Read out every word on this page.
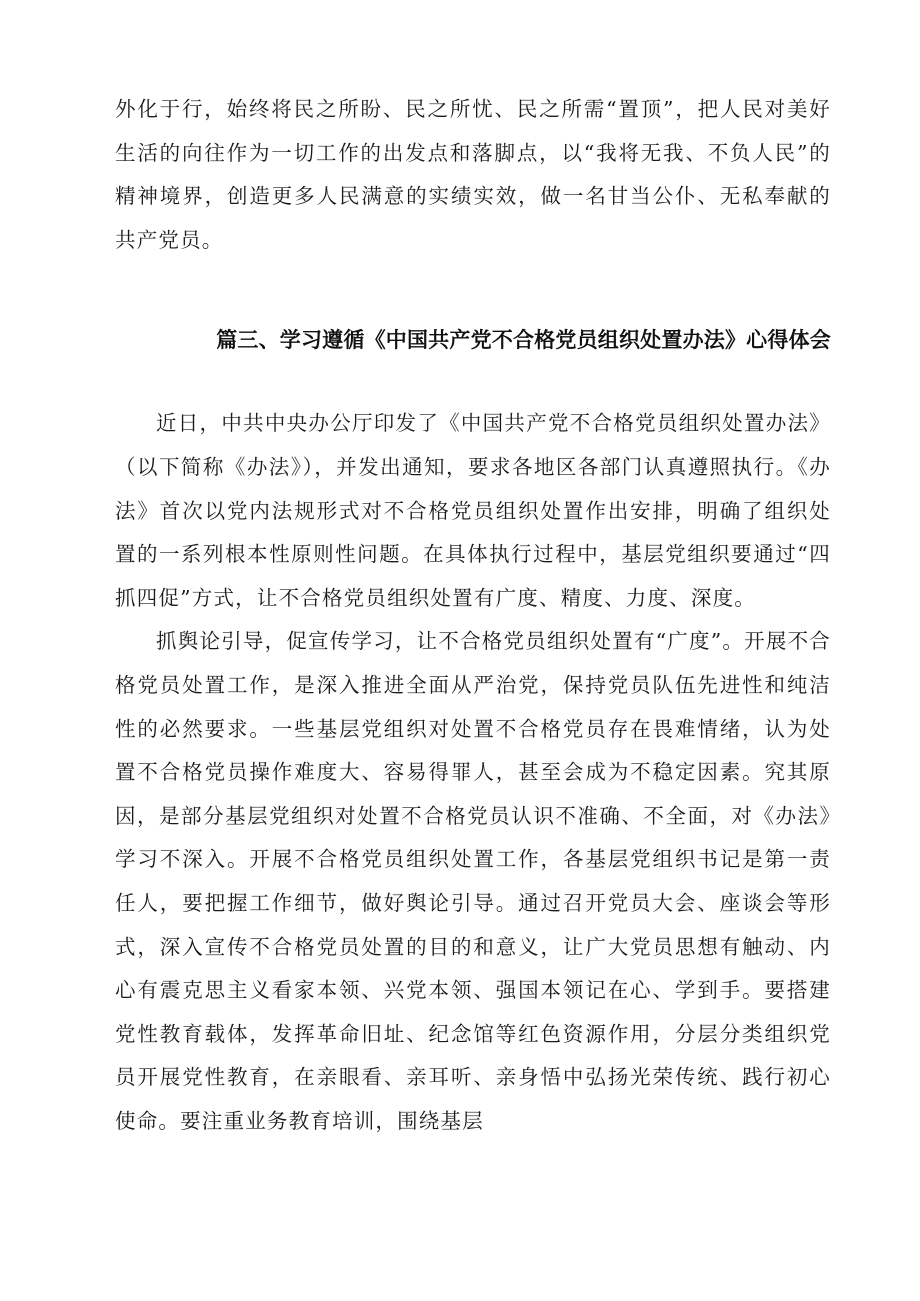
外化于行，始终将民之所盼、民之所忧、民之所需“置顶”，把人民对美好生活的向往作为一切工作的出发点和落脚点，以“我将无我、不负人民”的精神境界，创造更多人民满意的实绩实效，做一名甘当公仆、无私奉献的共产党员。

篇三、学习遵循《中国共产党不合格党员组织处置办法》心得体会

近日，中共中央办公厅印发了《中国共产党不合格党员组织处置办法》（以下简称《办法》），并发出通知，要求各地区各部门认真遵照执行。《办法》首次以党内法规形式对不合格党员组织处置作出安排，明确了组织处置的一系列根本性原则性问题。在具体执行过程中，基层党组织要通过“四抓四促”方式，让不合格党员组织处置有广度、精度、力度、深度。

抓舆论引导，促宣传学习，让不合格党员组织处置有“广度”。开展不合格党员处置工作，是深入推进全面从严治党，保持党员队伍先进性和纯洁性的必然要求。一些基层党组织对处置不合格党员存在畏难情绪，认为处置不合格党员操作难度大、容易得罪人，甚至会成为不稳定因素。究其原因，是部分基层党组织对处置不合格党员认识不准确、不全面，对《办法》学习不深入。开展不合格党员组织处置工作，各基层党组织书记是第一责任人，要把握工作细节，做好舆论引导。通过召开党员大会、座谈会等形式，深入宣传不合格党员处置的目的和意义，让广大党员思想有触动、内心有震克思主义看家本领、兴党本领、强国本领记在心、学到手。要搭建党性教育载体，发挥革命旧址、纪念馆等红色资源作用，分层分类组织党员开展党性教育，在亲眼看、亲耳听、亲身悟中弘扬光荣传统、践行初心使命。要注重业务教育培训，围绕基层
